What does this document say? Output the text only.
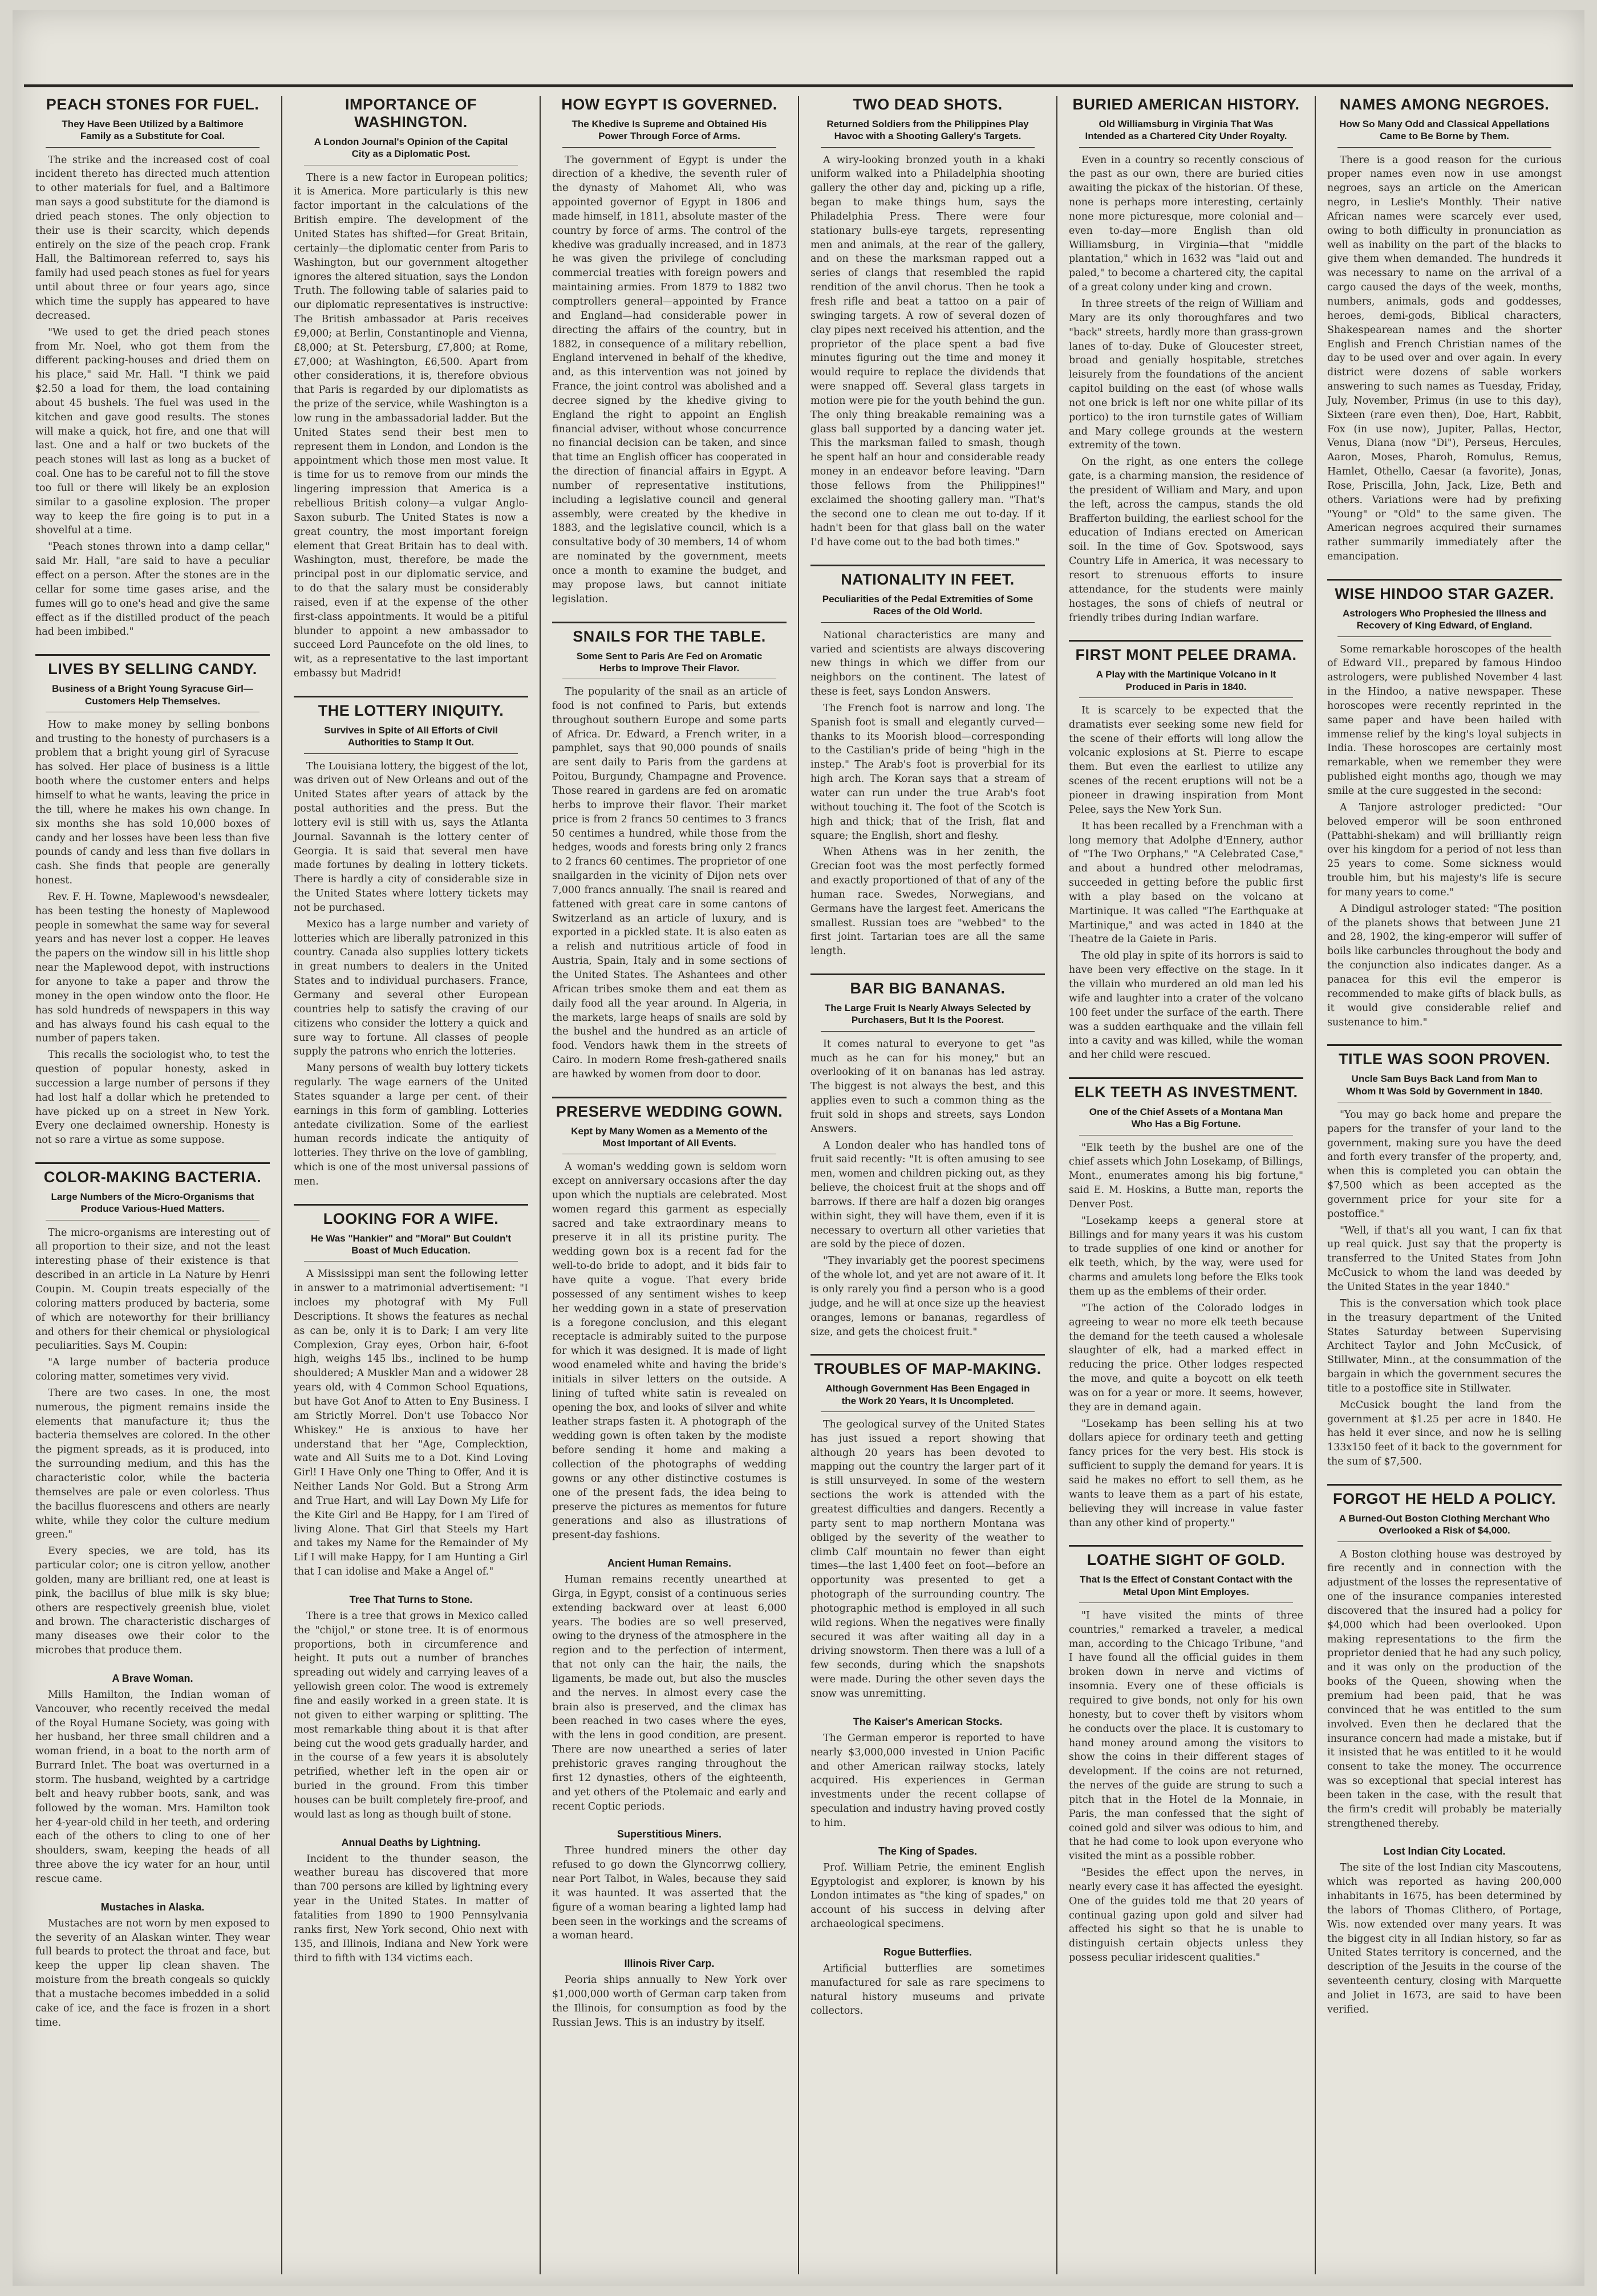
PEACH STONES FOR FUEL.
They Have Been Utilized by a Baltimore Family as a Substitute for Coal.

The strike and the increased cost of coal incident thereto has directed much attention to other materials for fuel, and a Baltimore man says a good substitute for the diamond is dried peach stones. The only objection to their use is their scarcity, which depends entirely on the size of the peach crop. Frank Hall, the Baltimorean referred to, says his family had used peach stones as fuel for years until about three or four years ago, since which time the supply has appeared to have decreased.

"We used to get the dried peach stones from Mr. Noel, who got them from the different packing-houses and dried them on his place," said Mr. Hall. "I think we paid $2.50 a load for them, the load containing about 45 bushels. The fuel was used in the kitchen and gave good results. The stones will make a quick, hot fire, and one that will last. One and a half or two buckets of the peach stones will last as long as a bucket of coal. One has to be careful not to fill the stove too full or there will likely be an explosion similar to a gasoline explosion. The proper way to keep the fire going is to put in a shovelful at a time.

"Peach stones thrown into a damp cellar," said Mr. Hall, "are said to have a peculiar effect on a person. After the stones are in the cellar for some time gases arise, and the fumes will go to one's head and give the same effect as if the distilled product of the peach had been imbibed."

LIVES BY SELLING CANDY.
Business of a Bright Young Syracuse Girl—Customers Help Themselves.

How to make money by selling bonbons and trusting to the honesty of purchasers is a problem that a bright young girl of Syracuse has solved. Her place of business is a little booth where the customer enters and helps himself to what he wants, leaving the price in the till, where he makes his own change. In six months she has sold 10,000 boxes of candy and her losses have been less than five pounds of candy and less than five dollars in cash. She finds that people are generally honest.

Rev. F. H. Towne, Maplewood's newsdealer, has been testing the honesty of Maplewood people in somewhat the same way for several years and has never lost a copper. He leaves the papers on the window sill in his little shop near the Maplewood depot, with instructions for anyone to take a paper and throw the money in the open window onto the floor. He has sold hundreds of newspapers in this way and has always found his cash equal to the number of papers taken.

This recalls the sociologist who, to test the question of popular honesty, asked in succession a large number of persons if they had lost half a dollar which he pretended to have picked up on a street in New York. Every one declaimed ownership. Honesty is not so rare a virtue as some suppose.

COLOR-MAKING BACTERIA.
Large Numbers of the Micro-Organisms that Produce Various-Hued Matters.

The micro-organisms are interesting out of all proportion to their size, and not the least interesting phase of their existence is that described in an article in La Nature by Henri Coupin. M. Coupin treats especially of the coloring matters produced by bacteria, some of which are noteworthy for their brilliancy and others for their chemical or physiological peculiarities. Says M. Coupin:

"A large number of bacteria produce coloring matter, sometimes very vivid.

There are two cases. In one, the most numerous, the pigment remains inside the elements that manufacture it; thus the bacteria themselves are colored. In the other the pigment spreads, as it is produced, into the surrounding medium, and this has the characteristic color, while the bacteria themselves are pale or even colorless. Thus the bacillus fluorescens and others are nearly white, while they color the culture medium green."

Every species, we are told, has its particular color; one is citron yellow, another golden, many are brilliant red, one at least is pink, the bacillus of blue milk is sky blue; others are respectively greenish blue, violet and brown. The characteristic discharges of many diseases owe their color to the microbes that produce them.

A Brave Woman.

Mills Hamilton, the Indian woman of Vancouver, who recently received the medal of the Royal Humane Society, was going with her husband, her three small children and a woman friend, in a boat to the north arm of Burrard Inlet. The boat was overturned in a storm. The husband, weighted by a cartridge belt and heavy rubber boots, sank, and was followed by the woman. Mrs. Hamilton took her 4-year-old child in her teeth, and ordering each of the others to cling to one of her shoulders, swam, keeping the heads of all three above the icy water for an hour, until rescue came.

Mustaches in Alaska.

Mustaches are not worn by men exposed to the severity of an Alaskan winter. They wear full beards to protect the throat and face, but keep the upper lip clean shaven. The moisture from the breath congeals so quickly that a mustache becomes imbedded in a solid cake of ice, and the face is frozen in a short time.

IMPORTANCE OF WASHINGTON.
A London Journal's Opinion of the Capital City as a Diplomatic Post.

There is a new factor in European politics; it is America. More particularly is this new factor important in the calculations of the British empire. The development of the United States has shifted—for Great Britain, certainly—the diplomatic center from Paris to Washington, but our government altogether ignores the altered situation, says the London Truth. The following table of salaries paid to our diplomatic representatives is instructive: The British ambassador at Paris receives £9,000; at Berlin, Constantinople and Vienna, £8,000; at St. Petersburg, £7,800; at Rome, £7,000; at Washington, £6,500. Apart from other considerations, it is, therefore obvious that Paris is regarded by our diplomatists as the prize of the service, while Washington is a low rung in the ambassadorial ladder. But the United States send their best men to represent them in London, and London is the appointment which those men most value. It is time for us to remove from our minds the lingering impression that America is a rebellious British colony—a vulgar Anglo-Saxon suburb. The United States is now a great country, the most important foreign element that Great Britain has to deal with. Washington, must, therefore, be made the principal post in our diplomatic service, and to do that the salary must be considerably raised, even if at the expense of the other first-class appointments. It would be a pitiful blunder to appoint a new ambassador to succeed Lord Pauncefote on the old lines, to wit, as a representative to the last important embassy but Madrid!

THE LOTTERY INIQUITY.
Survives in Spite of All Efforts of Civil Authorities to Stamp It Out.

The Louisiana lottery, the biggest of the lot, was driven out of New Orleans and out of the United States after years of attack by the postal authorities and the press. But the lottery evil is still with us, says the Atlanta Journal. Savannah is the lottery center of Georgia. It is said that several men have made fortunes by dealing in lottery tickets. There is hardly a city of considerable size in the United States where lottery tickets may not be purchased.

Mexico has a large number and variety of lotteries which are liberally patronized in this country. Canada also supplies lottery tickets in great numbers to dealers in the United States and to individual purchasers. France, Germany and several other European countries help to satisfy the craving of our citizens who consider the lottery a quick and sure way to fortune. All classes of people supply the patrons who enrich the lotteries.

Many persons of wealth buy lottery tickets regularly. The wage earners of the United States squander a large per cent. of their earnings in this form of gambling. Lotteries antedate civilization. Some of the earliest human records indicate the antiquity of lotteries. They thrive on the love of gambling, which is one of the most universal passions of men.

LOOKING FOR A WIFE.
He Was "Hankier" and "Moral" But Couldn't Boast of Much Education.

A Mississippi man sent the following letter in answer to a matrimonial advertisement: "I incloes my photograf with My Full Descriptions. It shows the features as nechal as can be, only it is to Dark; I am very lite Complexion, Gray eyes, Orbon hair, 6-foot high, weighs 145 lbs., inclined to be hump shouldered; A Muskler Man and a widower 28 years old, with 4 Common School Equations, but have Got Anof to Atten to Eny Business. I am Strictly Morrel. Don't use Tobacco Nor Whiskey." He is anxious to have her understand that her "Age, Complecktion, wate and All Suits me to a Dot. Kind Loving Girl! I Have Only one Thing to Offer, And it is Neither Lands Nor Gold. But a Strong Arm and True Hart, and will Lay Down My Life for the Kite Girl and Be Happy, for I am Tired of living Alone. That Girl that Steels my Hart and takes my Name for the Remainder of My Lif I will make Happy, for I am Hunting a Girl that I can idolise and Make a Angel of."

Tree That Turns to Stone.

There is a tree that grows in Mexico called the "chijol," or stone tree. It is of enormous proportions, both in circumference and height. It puts out a number of branches spreading out widely and carrying leaves of a yellowish green color. The wood is extremely fine and easily worked in a green state. It is not given to either warping or splitting. The most remarkable thing about it is that after being cut the wood gets gradually harder, and in the course of a few years it is absolutely petrified, whether left in the open air or buried in the ground. From this timber houses can be built completely fire-proof, and would last as long as though built of stone.

Annual Deaths by Lightning.

Incident to the thunder season, the weather bureau has discovered that more than 700 persons are killed by lightning every year in the United States. In matter of fatalities from 1890 to 1900 Pennsylvania ranks first, New York second, Ohio next with 135, and Illinois, Indiana and New York were third to fifth with 134 victims each.

HOW EGYPT IS GOVERNED.
The Khedive Is Supreme and Obtained His Power Through Force of Arms.

The government of Egypt is under the direction of a khedive, the seventh ruler of the dynasty of Mahomet Ali, who was appointed governor of Egypt in 1806 and made himself, in 1811, absolute master of the country by force of arms. The control of the khedive was gradually increased, and in 1873 he was given the privilege of concluding commercial treaties with foreign powers and maintaining armies. From 1879 to 1882 two comptrollers general—appointed by France and England—had considerable power in directing the affairs of the country, but in 1882, in consequence of a military rebellion, England intervened in behalf of the khedive, and, as this intervention was not joined by France, the joint control was abolished and a decree signed by the khedive giving to England the right to appoint an English financial adviser, without whose concurrence no financial decision can be taken, and since that time an English officer has cooperated in the direction of financial affairs in Egypt. A number of representative institutions, including a legislative council and general assembly, were created by the khedive in 1883, and the legislative council, which is a consultative body of 30 members, 14 of whom are nominated by the government, meets once a month to examine the budget, and may propose laws, but cannot initiate legislation.

SNAILS FOR THE TABLE.
Some Sent to Paris Are Fed on Aromatic Herbs to Improve Their Flavor.

The popularity of the snail as an article of food is not confined to Paris, but extends throughout southern Europe and some parts of Africa. Dr. Edward, a French writer, in a pamphlet, says that 90,000 pounds of snails are sent daily to Paris from the gardens at Poitou, Burgundy, Champagne and Provence. Those reared in gardens are fed on aromatic herbs to improve their flavor. Their market price is from 2 francs 50 centimes to 3 francs 50 centimes a hundred, while those from the hedges, woods and forests bring only 2 francs to 2 francs 60 centimes. The proprietor of one snailgarden in the vicinity of Dijon nets over 7,000 francs annually. The snail is reared and fattened with great care in some cantons of Switzerland as an article of luxury, and is exported in a pickled state. It is also eaten as a relish and nutritious article of food in Austria, Spain, Italy and in some sections of the United States. The Ashantees and other African tribes smoke them and eat them as daily food all the year around. In Algeria, in the markets, large heaps of snails are sold by the bushel and the hundred as an article of food. Vendors hawk them in the streets of Cairo. In modern Rome fresh-gathered snails are hawked by women from door to door.

PRESERVE WEDDING GOWN.
Kept by Many Women as a Memento of the Most Important of All Events.

A woman's wedding gown is seldom worn except on anniversary occasions after the day upon which the nuptials are celebrated. Most women regard this garment as especially sacred and take extraordinary means to preserve it in all its pristine purity. The wedding gown box is a recent fad for the well-to-do bride to adopt, and it bids fair to have quite a vogue. That every bride possessed of any sentiment wishes to keep her wedding gown in a state of preservation is a foregone conclusion, and this elegant receptacle is admirably suited to the purpose for which it was designed. It is made of light wood enameled white and having the bride's initials in silver letters on the outside. A lining of tufted white satin is revealed on opening the box, and looks of silver and white leather straps fasten it. A photograph of the wedding gown is often taken by the modiste before sending it home and making a collection of the photographs of wedding gowns or any other distinctive costumes is one of the present fads, the idea being to preserve the pictures as mementos for future generations and also as illustrations of present-day fashions.

Ancient Human Remains.

Human remains recently unearthed at Girga, in Egypt, consist of a continuous series extending backward over at least 6,000 years. The bodies are so well preserved, owing to the dryness of the atmosphere in the region and to the perfection of interment, that not only can the hair, the nails, the ligaments, be made out, but also the muscles and the nerves. In almost every case the brain also is preserved, and the climax has been reached in two cases where the eyes, with the lens in good condition, are present. There are now unearthed a series of later prehistoric graves ranging throughout the first 12 dynasties, others of the eighteenth, and yet others of the Ptolemaic and early and recent Coptic periods.

Superstitious Miners.

Three hundred miners the other day refused to go down the Glyncorrwg colliery, near Port Talbot, in Wales, because they said it was haunted. It was asserted that the figure of a woman bearing a lighted lamp had been seen in the workings and the screams of a woman heard.

Illinois River Carp.

Peoria ships annually to New York over $1,000,000 worth of German carp taken from the Illinois, for consumption as food by the Russian Jews. This is an industry by itself.

TWO DEAD SHOTS.
Returned Soldiers from the Philippines Play Havoc with a Shooting Gallery's Targets.

A wiry-looking bronzed youth in a khaki uniform walked into a Philadelphia shooting gallery the other day and, picking up a rifle, began to make things hum, says the Philadelphia Press. There were four stationary bulls-eye targets, representing men and animals, at the rear of the gallery, and on these the marksman rapped out a series of clangs that resembled the rapid rendition of the anvil chorus. Then he took a fresh rifle and beat a tattoo on a pair of swinging targets. A row of several dozen of clay pipes next received his attention, and the proprietor of the place spent a bad five minutes figuring out the time and money it would require to replace the dividends that were snapped off. Several glass targets in motion were pie for the youth behind the gun. The only thing breakable remaining was a glass ball supported by a dancing water jet. This the marksman failed to smash, though he spent half an hour and considerable ready money in an endeavor before leaving. "Darn those fellows from the Philippines!" exclaimed the shooting gallery man. "That's the second one to clean me out to-day. If it hadn't been for that glass ball on the water I'd have come out to the bad both times."

NATIONALITY IN FEET.
Peculiarities of the Pedal Extremities of Some Races of the Old World.

National characteristics are many and varied and scientists are always discovering new things in which we differ from our neighbors on the continent. The latest of these is feet, says London Answers.

The French foot is narrow and long. The Spanish foot is small and elegantly curved—thanks to its Moorish blood—corresponding to the Castilian's pride of being "high in the instep." The Arab's foot is proverbial for its high arch. The Koran says that a stream of water can run under the true Arab's foot without touching it. The foot of the Scotch is high and thick; that of the Irish, flat and square; the English, short and fleshy.

When Athens was in her zenith, the Grecian foot was the most perfectly formed and exactly proportioned of that of any of the human race. Swedes, Norwegians, and Germans have the largest feet. Americans the smallest. Russian toes are "webbed" to the first joint. Tartarian toes are all the same length.

BAR BIG BANANAS.
The Large Fruit Is Nearly Always Selected by Purchasers, But It Is the Poorest.

It comes natural to everyone to get "as much as he can for his money," but an overlooking of it on bananas has led astray. The biggest is not always the best, and this applies even to such a common thing as the fruit sold in shops and streets, says London Answers.

A London dealer who has handled tons of fruit said recently: "It is often amusing to see men, women and children picking out, as they believe, the choicest fruit at the shops and off barrows. If there are half a dozen big oranges within sight, they will have them, even if it is necessary to overturn all other varieties that are sold by the piece of dozen.

"They invariably get the poorest specimens of the whole lot, and yet are not aware of it. It is only rarely you find a person who is a good judge, and he will at once size up the heaviest oranges, lemons or bananas, regardless of size, and gets the choicest fruit."

TROUBLES OF MAP-MAKING.
Although Government Has Been Engaged in the Work 20 Years, It Is Uncompleted.

The geological survey of the United States has just issued a report showing that although 20 years has been devoted to mapping out the country the larger part of it is still unsurveyed. In some of the western sections the work is attended with the greatest difficulties and dangers. Recently a party sent to map northern Montana was obliged by the severity of the weather to climb Calf mountain no fewer than eight times—the last 1,400 feet on foot—before an opportunity was presented to get a photograph of the surrounding country. The photographic method is employed in all such wild regions. When the negatives were finally secured it was after waiting all day in a driving snowstorm. Then there was a lull of a few seconds, during which the snapshots were made. During the other seven days the snow was unremitting.

The Kaiser's American Stocks.

The German emperor is reported to have nearly $3,000,000 invested in Union Pacific and other American railway stocks, lately acquired. His experiences in German investments under the recent collapse of speculation and industry having proved costly to him.

The King of Spades.

Prof. William Petrie, the eminent English Egyptologist and explorer, is known by his London intimates as "the king of spades," on account of his success in delving after archaeological specimens.

Rogue Butterflies.

Artificial butterflies are sometimes manufactured for sale as rare specimens to natural history museums and private collectors.

BURIED AMERICAN HISTORY.
Old Williamsburg in Virginia That Was Intended as a Chartered City Under Royalty.

Even in a country so recently conscious of the past as our own, there are buried cities awaiting the pickax of the historian. Of these, none is perhaps more interesting, certainly none more picturesque, more colonial and—even to-day—more English than old Williamsburg, in Virginia—that "middle plantation," which in 1632 was "laid out and paled," to become a chartered city, the capital of a great colony under king and crown.

In three streets of the reign of William and Mary are its only thoroughfares and two "back" streets, hardly more than grass-grown lanes of to-day. Duke of Gloucester street, broad and genially hospitable, stretches leisurely from the foundations of the ancient capitol building on the east (of whose walls not one brick is left nor one white pillar of its portico) to the iron turnstile gates of William and Mary college grounds at the western extremity of the town.

On the right, as one enters the college gate, is a charming mansion, the residence of the president of William and Mary, and upon the left, across the campus, stands the old Brafferton building, the earliest school for the education of Indians erected on American soil. In the time of Gov. Spotswood, says Country Life in America, it was necessary to resort to strenuous efforts to insure attendance, for the students were mainly hostages, the sons of chiefs of neutral or friendly tribes during Indian warfare.

FIRST MONT PELEE DRAMA.
A Play with the Martinique Volcano in It Produced in Paris in 1840.

It is scarcely to be expected that the dramatists ever seeking some new field for the scene of their efforts will long allow the volcanic explosions at St. Pierre to escape them. But even the earliest to utilize any scenes of the recent eruptions will not be a pioneer in drawing inspiration from Mont Pelee, says the New York Sun.

It has been recalled by a Frenchman with a long memory that Adolphe d'Ennery, author of "The Two Orphans," "A Celebrated Case," and about a hundred other melodramas, succeeded in getting before the public first with a play based on the volcano at Martinique. It was called "The Earthquake at Martinique," and was acted in 1840 at the Theatre de la Gaiete in Paris.

The old play in spite of its horrors is said to have been very effective on the stage. In it the villain who murdered an old man led his wife and laughter into a crater of the volcano 100 feet under the surface of the earth. There was a sudden earthquake and the villain fell into a cavity and was killed, while the woman and her child were rescued.

ELK TEETH AS INVESTMENT.
One of the Chief Assets of a Montana Man Who Has a Big Fortune.

"Elk teeth by the bushel are one of the chief assets which John Losekamp, of Billings, Mont., enumerates among his big fortune," said E. M. Hoskins, a Butte man, reports the Denver Post.

"Losekamp keeps a general store at Billings and for many years it was his custom to trade supplies of one kind or another for elk teeth, which, by the way, were used for charms and amulets long before the Elks took them up as the emblems of their order.

"The action of the Colorado lodges in agreeing to wear no more elk teeth because the demand for the teeth caused a wholesale slaughter of elk, had a marked effect in reducing the price. Other lodges respected the move, and quite a boycott on elk teeth was on for a year or more. It seems, however, they are in demand again.

"Losekamp has been selling his at two dollars apiece for ordinary teeth and getting fancy prices for the very best. His stock is sufficient to supply the demand for years. It is said he makes no effort to sell them, as he wants to leave them as a part of his estate, believing they will increase in value faster than any other kind of property."

LOATHE SIGHT OF GOLD.
That Is the Effect of Constant Contact with the Metal Upon Mint Employes.

"I have visited the mints of three countries," remarked a traveler, a medical man, according to the Chicago Tribune, "and I have found all the official guides in them broken down in nerve and victims of insomnia. Every one of these officials is required to give bonds, not only for his own honesty, but to cover theft by visitors whom he conducts over the place. It is customary to hand money around among the visitors to show the coins in their different stages of development. If the coins are not returned, the nerves of the guide are strung to such a pitch that in the Hotel de la Monnaie, in Paris, the man confessed that the sight of coined gold and silver was odious to him, and that he had come to look upon everyone who visited the mint as a possible robber.

"Besides the effect upon the nerves, in nearly every case it has affected the eyesight. One of the guides told me that 20 years of continual gazing upon gold and silver had affected his sight so that he is unable to distinguish certain objects unless they possess peculiar iridescent qualities."

NAMES AMONG NEGROES.
How So Many Odd and Classical Appellations Came to Be Borne by Them.

There is a good reason for the curious proper names even now in use amongst negroes, says an article on the American negro, in Leslie's Monthly. Their native African names were scarcely ever used, owing to both difficulty in pronunciation as well as inability on the part of the blacks to give them when demanded. The hundreds it was necessary to name on the arrival of a cargo caused the days of the week, months, numbers, animals, gods and goddesses, heroes, demi-gods, Biblical characters, Shakespearean names and the shorter English and French Christian names of the day to be used over and over again. In every district were dozens of sable workers answering to such names as Tuesday, Friday, July, November, Primus (in use to this day), Sixteen (rare even then), Doe, Hart, Rabbit, Fox (in use now), Jupiter, Pallas, Hector, Venus, Diana (now "Di"), Perseus, Hercules, Aaron, Moses, Pharoh, Romulus, Remus, Hamlet, Othello, Caesar (a favorite), Jonas, Rose, Priscilla, John, Jack, Lize, Beth and others. Variations were had by prefixing "Young" or "Old" to the same given. The American negroes acquired their surnames rather summarily immediately after the emancipation.

WISE HINDOO STAR GAZER.
Astrologers Who Prophesied the Illness and Recovery of King Edward, of England.

Some remarkable horoscopes of the health of Edward VII., prepared by famous Hindoo astrologers, were published November 4 last in the Hindoo, a native newspaper. These horoscopes were recently reprinted in the same paper and have been hailed with immense relief by the king's loyal subjects in India. These horoscopes are certainly most remarkable, when we remember they were published eight months ago, though we may smile at the cure suggested in the second:

A Tanjore astrologer predicted: "Our beloved emperor will be soon enthroned (Pattabhi-shekam) and will brilliantly reign over his kingdom for a period of not less than 25 years to come. Some sickness would trouble him, but his majesty's life is secure for many years to come."

A Dindigul astrologer stated: "The position of the planets shows that between June 21 and 28, 1902, the king-emperor will suffer of boils like carbuncles throughout the body and the conjunction also indicates danger. As a panacea for this evil the emperor is recommended to make gifts of black bulls, as it would give considerable relief and sustenance to him."

TITLE WAS SOON PROVEN.
Uncle Sam Buys Back Land from Man to Whom It Was Sold by Government in 1840.

"You may go back home and prepare the papers for the transfer of your land to the government, making sure you have the deed and forth every transfer of the property, and, when this is completed you can obtain the $7,500 which as been accepted as the government price for your site for a postoffice."

"Well, if that's all you want, I can fix that up real quick. Just say that the property is transferred to the United States from John McCusick to whom the land was deeded by the United States in the year 1840."

This is the conversation which took place in the treasury department of the United States Saturday between Supervising Architect Taylor and John McCusick, of Stillwater, Minn., at the consummation of the bargain in which the government secures the title to a postoffice site in Stillwater.

McCusick bought the land from the government at $1.25 per acre in 1840. He has held it ever since, and now he is selling 133x150 feet of it back to the government for the sum of $7,500.

FORGOT HE HELD A POLICY.
A Burned-Out Boston Clothing Merchant Who Overlooked a Risk of $4,000.

A Boston clothing house was destroyed by fire recently and in connection with the adjustment of the losses the representative of one of the insurance companies interested discovered that the insured had a policy for $4,000 which had been overlooked. Upon making representations to the firm the proprietor denied that he had any such policy, and it was only on the production of the books of the Queen, showing when the premium had been paid, that he was convinced that he was entitled to the sum involved. Even then he declared that the insurance concern had made a mistake, but if it insisted that he was entitled to it he would consent to take the money. The occurrence was so exceptional that special interest has been taken in the case, with the result that the firm's credit will probably be materially strengthened thereby.

Lost Indian City Located.

The site of the lost Indian city Mascoutens, which was reported as having 200,000 inhabitants in 1675, has been determined by the labors of Thomas Clithero, of Portage, Wis. now extended over many years. It was the biggest city in all Indian history, so far as United States territory is concerned, and the description of the Jesuits in the course of the seventeenth century, closing with Marquette and Joliet in 1673, are said to have been verified.
